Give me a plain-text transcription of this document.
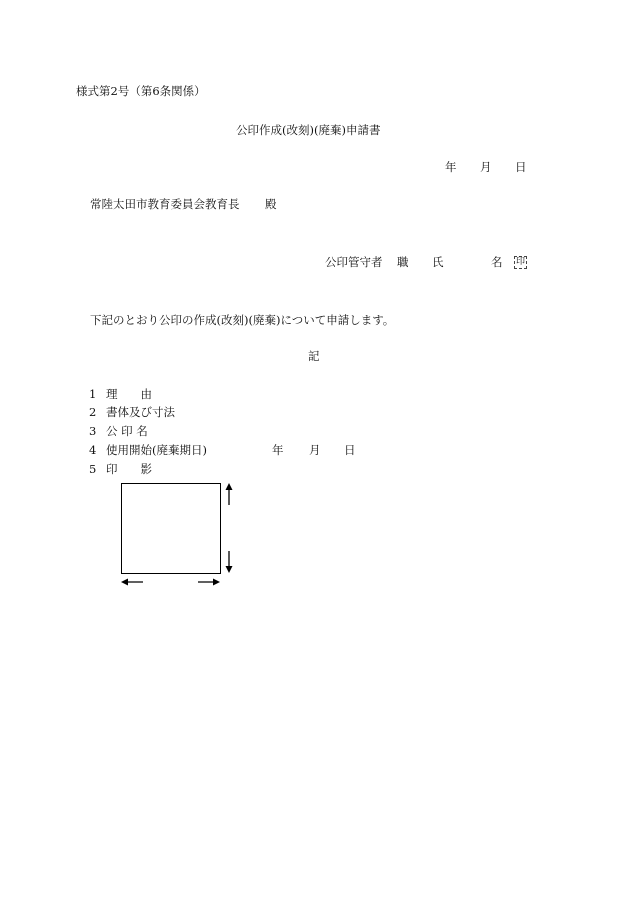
様式第2号（第6条関係）
公印作成(改刻)(廃棄)申請書
年 月 日
常陸太田市教育委員会教育長 殿
公印管守者 職 氏	名	印
下記のとおり公印の作成(改刻)(廃棄)について申請します。
記
1 理　　由
2 書体及び寸法
3 公 印 名
4 使用開始(廃棄期日)	年 月 日
5 印　　影
